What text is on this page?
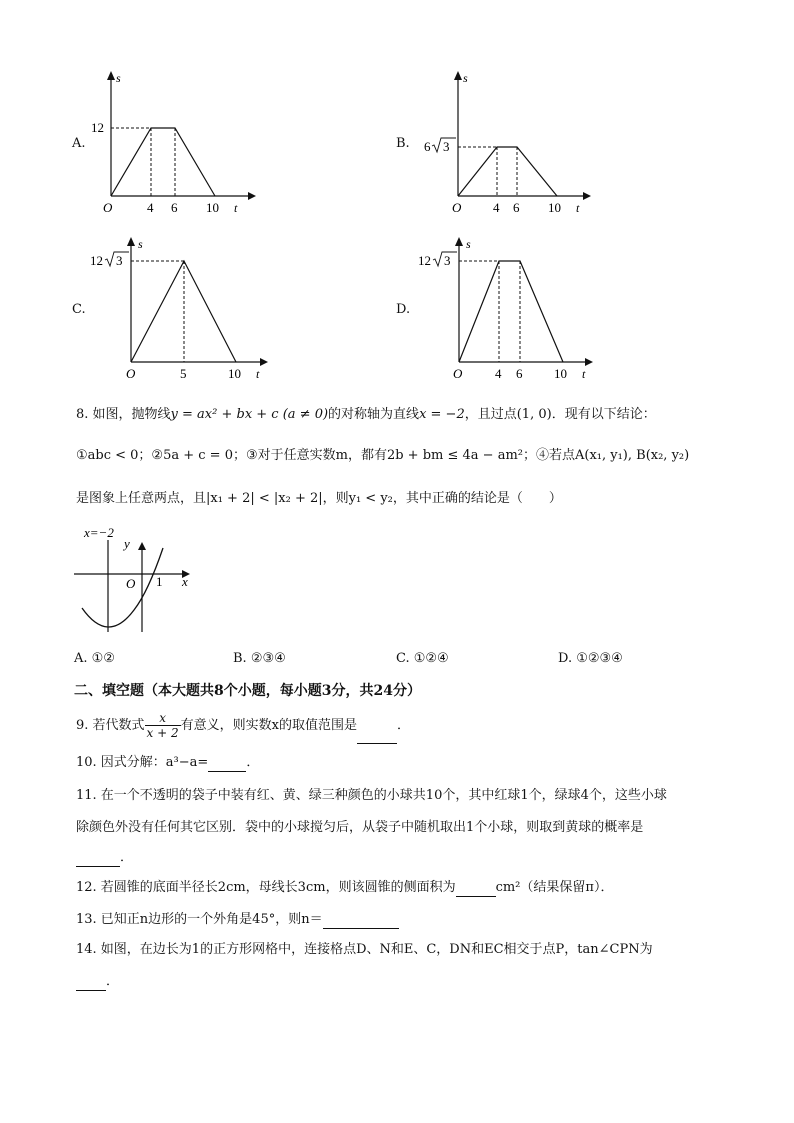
A.
s
12
O	4 6 10 t
B.
s
6 3
O 4 6 10 t
C.
s
12 3
O	5	10 t
D.
s
12 3
O	4 6 10 t
8. 如图，抛物线y = ax² + bx + c (a ≠ 0)的对称轴为直线x = −2，且过点(1, 0)．现有以下结论：
①abc < 0；②5a + c = 0；③对于任意实数m，都有2b + bm ≤ 4a − am²；④若点A(x₁, y₁), B(x₂, y₂)
是图象上任意两点，且|x₁ + 2| < |x₂ + 2|，则y₁ < y₂，其中正确的结论是（　　）
x=−2
y
x
O 1
A. ①②	B. ②③④	C. ①②④	D. ①②③④
二、填空题（本大题共8个小题，每小题3分，共24分）
9. 若代数式 $\frac{x}{x + 2}$ 有意义，则实数x的取值范围是	．
10. 因式分解：a³−a=	．
11. 在一个不透明的袋子中装有红、黄、绿三种颜色的小球共10个，其中红球1个，绿球4个，这些小球
除颜色外没有任何其它区别．袋中的小球搅匀后，从袋子中随机取出1个小球，则取到黄球的概率是
．
12. 若圆锥的底面半径长2cm，母线长3cm，则该圆锥的侧面积为	cm²（结果保留π）．
13. 已知正n边形的一个外角是45°，则n＝
14. 如图，在边长为1的正方形网格中，连接格点D、N和E、C，DN和EC相交于点P，tan∠CPN为
．
